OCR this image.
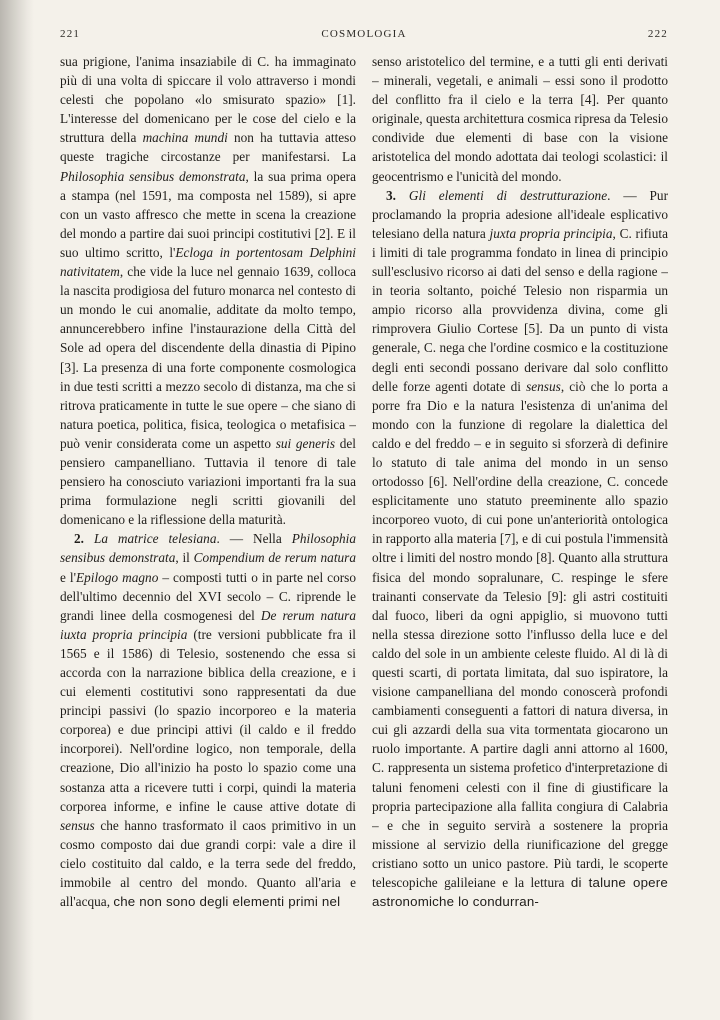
221	COSMOLOGIA	222

sua prigione, l'anima insaziabile di C. ha immaginato più di una volta di spiccare il volo attraverso i mondi celesti che popolano «lo smisurato spazio» [1]. L'interesse del domenicano per le cose del cielo e la struttura della machina mundi non ha tuttavia atteso queste tragiche circostanze per manifestarsi. La Philosophia sensibus demonstrata, la sua prima opera a stampa (nel 1591, ma composta nel 1589), si apre con un vasto affresco che mette in scena la creazione del mondo a partire dai suoi principi costitutivi [2]. E il suo ultimo scritto, l'Ecloga in portentosam Delphini nativitatem, che vide la luce nel gennaio 1639, colloca la nascita prodigiosa del futuro monarca nel contesto di un mondo le cui anomalie, additate da molto tempo, annuncerebbero infine l'instaurazione della Città del Sole ad opera del discendente della dinastia di Pipino [3]. La presenza di una forte componente cosmologica in due testi scritti a mezzo secolo di distanza, ma che si ritrova praticamente in tutte le sue opere – che siano di natura poetica, politica, fisica, teologica o metafisica – può venir considerata come un aspetto sui generis del pensiero campanelliano. Tuttavia il tenore di tale pensiero ha conosciuto variazioni importanti fra la sua prima formulazione negli scritti giovanili del domenicano e la riflessione della maturità.

2. La matrice telesiana. — Nella Philosophia sensibus demonstrata, il Compendium de rerum natura e l'Epilogo magno – composti tutti o in parte nel corso dell'ultimo decennio del XVI secolo – C. riprende le grandi linee della cosmogenesi del De rerum natura iuxta propria principia (tre versioni pubblicate fra il 1565 e il 1586) di Telesio, sostenendo che essa si accorda con la narrazione biblica della creazione, e i cui elementi costitutivi sono rappresentati da due principi passivi (lo spazio incorporeo e la materia corporea) e due principi attivi (il caldo e il freddo incorporei). Nell'ordine logico, non temporale, della creazione, Dio all'inizio ha posto lo spazio come una sostanza atta a ricevere tutti i corpi, quindi la materia corporea informe, e infine le cause attive dotate di sensus che hanno trasformato il caos primitivo in un cosmo composto dai due grandi corpi: vale a dire il cielo costituito dal caldo, e la terra sede del freddo, immobile al centro del mondo. Quanto all'aria e all'acqua, che non sono degli elementi primi nel

senso aristotelico del termine, e a tutti gli enti derivati – minerali, vegetali, e animali – essi sono il prodotto del conflitto fra il cielo e la terra [4]. Per quanto originale, questa architettura cosmica ripresa da Telesio condivide due elementi di base con la visione aristotelica del mondo adottata dai teologi scolastici: il geocentrismo e l'unicità del mondo.

3. Gli elementi di destrutturazione. — Pur proclamando la propria adesione all'ideale esplicativo telesiano della natura juxta propria principia, C. rifiuta i limiti di tale programma fondato in linea di principio sull'esclusivo ricorso ai dati del senso e della ragione – in teoria soltanto, poiché Telesio non risparmia un ampio ricorso alla provvidenza divina, come gli rimprovera Giulio Cortese [5]. Da un punto di vista generale, C. nega che l'ordine cosmico e la costituzione degli enti secondi possano derivare dal solo conflitto delle forze agenti dotate di sensus, ciò che lo porta a porre fra Dio e la natura l'esistenza di un'anima del mondo con la funzione di regolare la dialettica del caldo e del freddo – e in seguito si sforzerà di definire lo statuto di tale anima del mondo in un senso ortodosso [6]. Nell'ordine della creazione, C. concede esplicitamente uno statuto preeminente allo spazio incorporeo vuoto, di cui pone un'anteriorità ontologica in rapporto alla materia [7], e di cui postula l'immensità oltre i limiti del nostro mondo [8]. Quanto alla struttura fisica del mondo sopralunare, C. respinge le sfere trainanti conservate da Telesio [9]: gli astri costituiti dal fuoco, liberi da ogni appiglio, si muovono tutti nella stessa direzione sotto l'influsso della luce e del caldo del sole in un ambiente celeste fluido. Al di là di questi scarti, di portata limitata, dal suo ispiratore, la visione campanelliana del mondo conoscerà profondi cambiamenti conseguenti a fattori di natura diversa, in cui gli azzardi della sua vita tormentata giocarono un ruolo importante. A partire dagli anni attorno al 1600, C. rappresenta un sistema profetico d'interpretazione di taluni fenomeni celesti con il fine di giustificare la propria partecipazione alla fallita congiura di Calabria – e che in seguito servirà a sostenere la propria missione al servizio della riunificazione del gregge cristiano sotto un unico pastore. Più tardi, le scoperte telescopiche galileiane e la lettura di talune opere astronomiche lo condurran-
